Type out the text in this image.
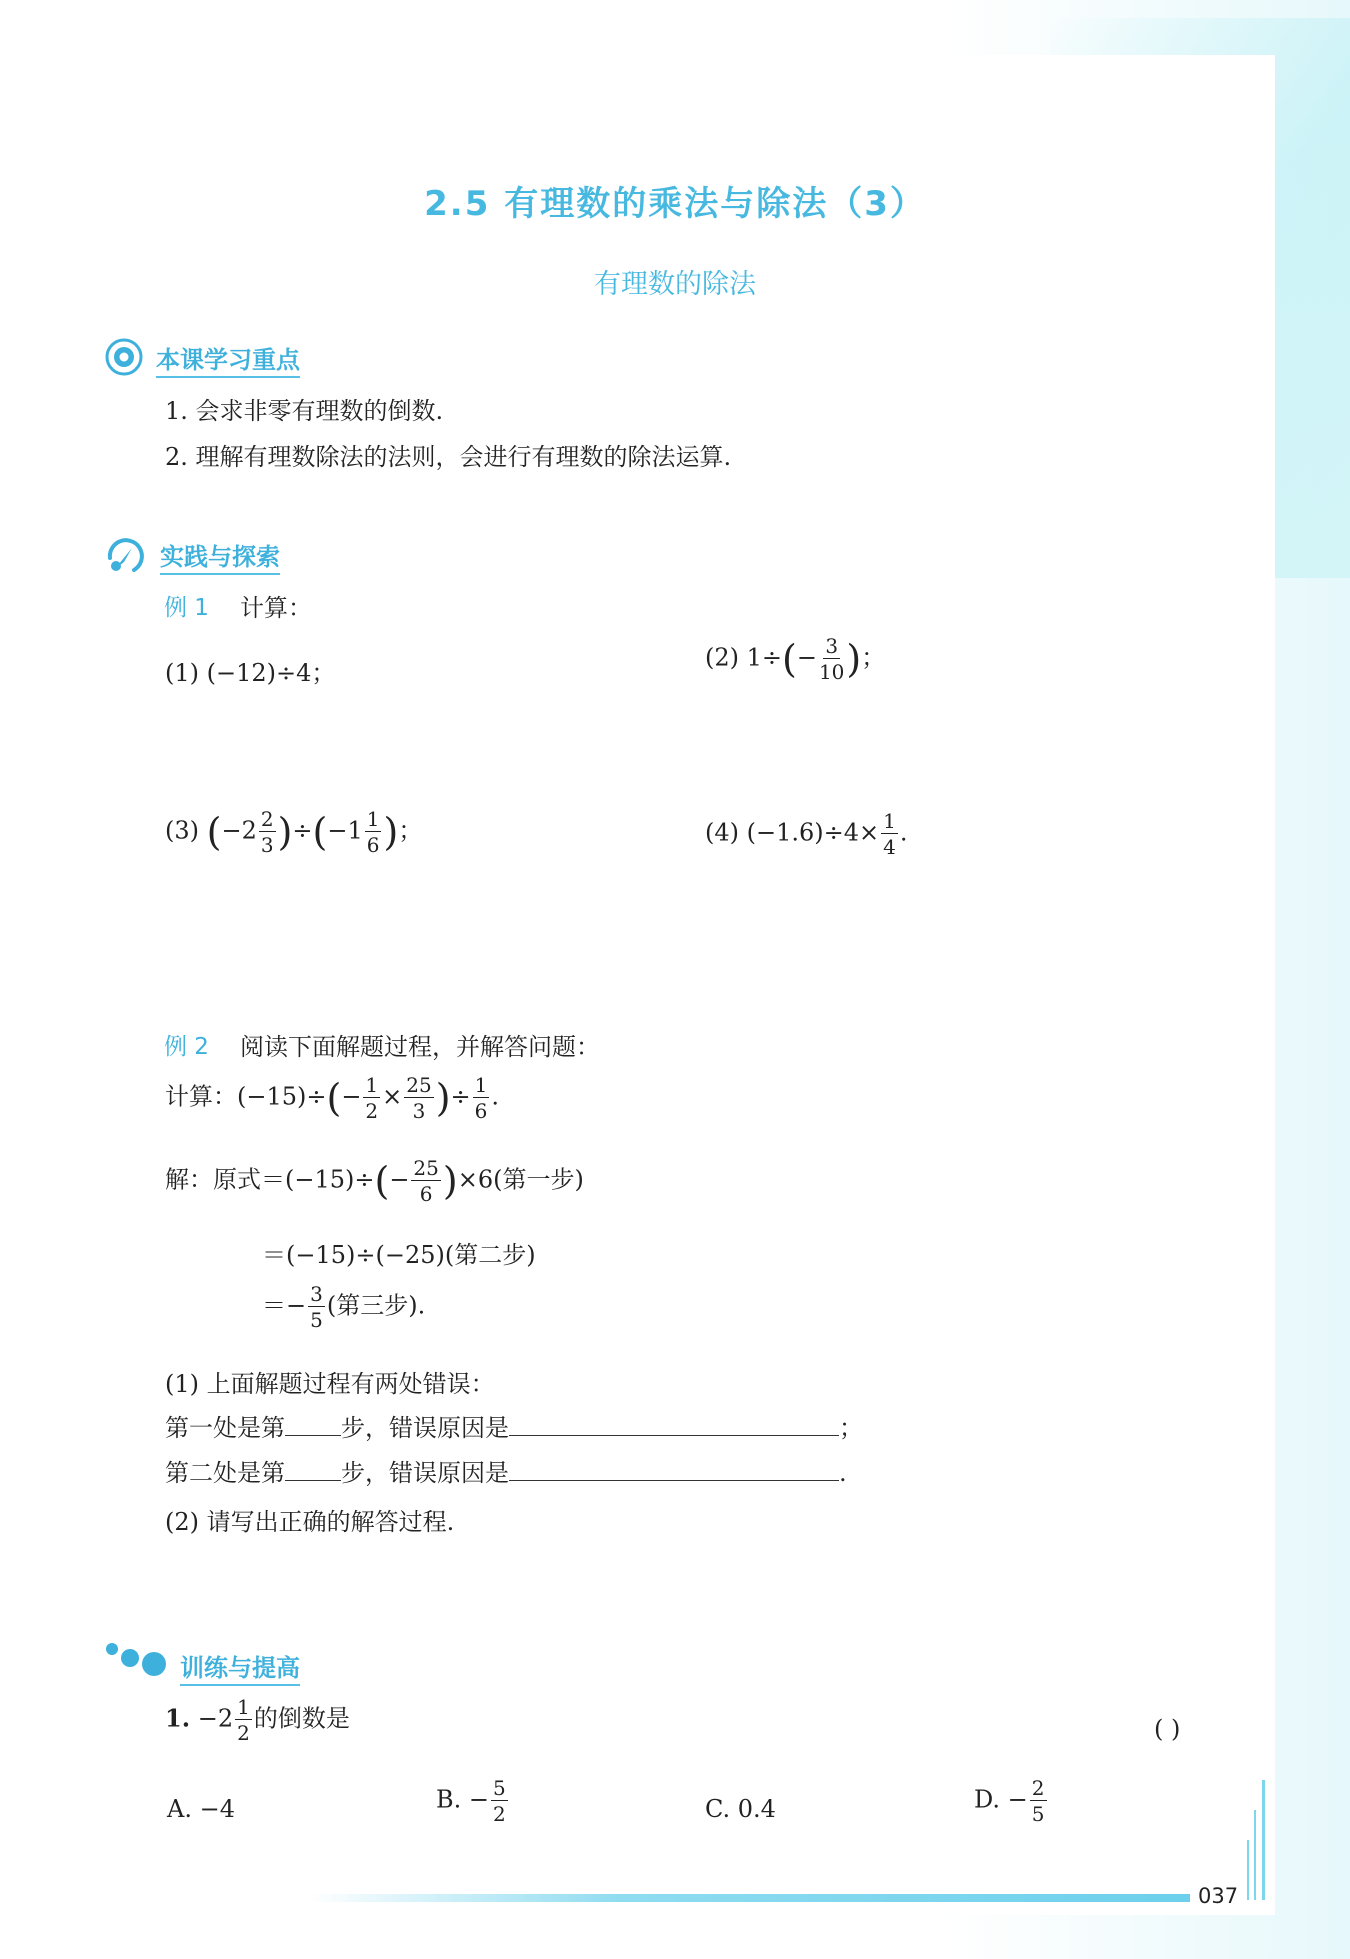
2.5 有理数的乘法与除法（3）
有理数的除法
本课学习重点
1. 会求非零有理数的倒数.
2. 理解有理数除法的法则，会进行有理数的除法运算.
实践与探索
例 1 计算：
(1) (−12)÷4；
(2) $1\div(- \frac{3}{10}$ )；
(3) $(-2 \frac{2}{3} )\div(-1 \frac{1}{6}$ )；	(4) $(-1.6)\div 4\times \frac{1}{4}$ .
例 2 阅读下面解题过程，并解答问题：
计算：$(-15)\div(- \frac{1}{2} \times \frac{25}{3}$ )÷ $\frac{1}{6}$ .
解：原式$=(-15)\div(- \frac{25}{6} )\times 6$(第一步)
＝(−15)÷(−25)(第二步)
＝− $\frac{3}{5}$ (第三步).
(1) 上面解题过程有两处错误：
第一处是第 步，错误原因是	；
第二处是第 步，错误原因是	.
(2) 请写出正确的解答过程.
训练与提高
1. $-2 \frac{1}{2}$ 的倒数是	( )
A. −4	B. − $\frac{5}{2}$	C. 0.4	D. − $\frac{2}{5}$
037
